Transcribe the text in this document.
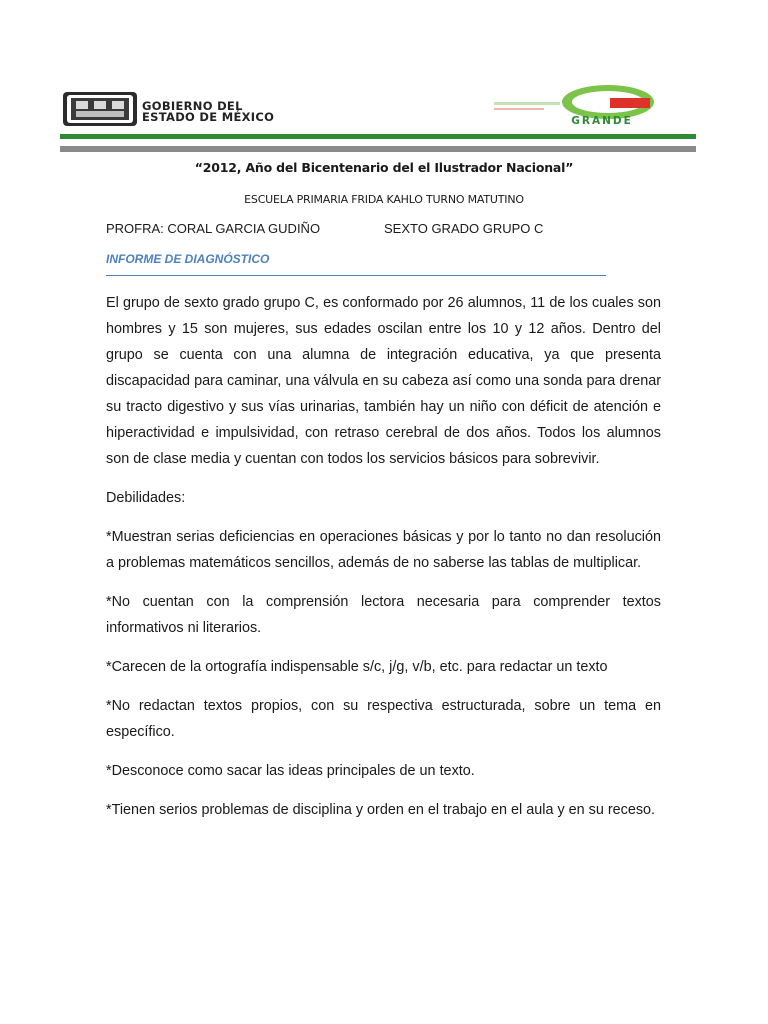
GOBIERNO DEL
ESTADO DE MÉXICO	GRANDE
“2012, Año del Bicentenario del el Ilustrador Nacional”
ESCUELA PRIMARIA FRIDA KAHLO TURNO MATUTINO
PROFRA: CORAL GARCIA GUDIÑO	SEXTO GRADO GRUPO C
INFORME DE DIAGNÓSTICO

El grupo de sexto grado grupo C, es conformado por 26 alumnos, 11 de los cuales son hombres y 15 son mujeres, sus edades oscilan entre los 10 y 12 años. Dentro del grupo se cuenta con una alumna de integración educativa, ya que presenta discapacidad para caminar, una válvula en su cabeza así como una sonda para drenar su tracto digestivo y sus vías urinarias, también hay un niño con déficit de atención e hiperactividad e impulsividad, con retraso cerebral de dos años. Todos los alumnos son de clase media y cuentan con todos los servicios básicos para sobrevivir.

Debilidades:

*Muestran serias deficiencias en operaciones básicas y por lo tanto no dan resolución a problemas matemáticos sencillos, además de no saberse las tablas de multiplicar.

*No cuentan con la comprensión lectora necesaria para comprender textos informativos ni literarios.

*Carecen de la ortografía indispensable s/c, j/g, v/b, etc. para redactar un texto

*No redactan textos propios, con su respectiva estructurada, sobre un tema en específico.

*Desconoce como sacar las ideas principales de un texto.

*Tienen serios problemas de disciplina y orden en el trabajo en el aula y en su receso.
